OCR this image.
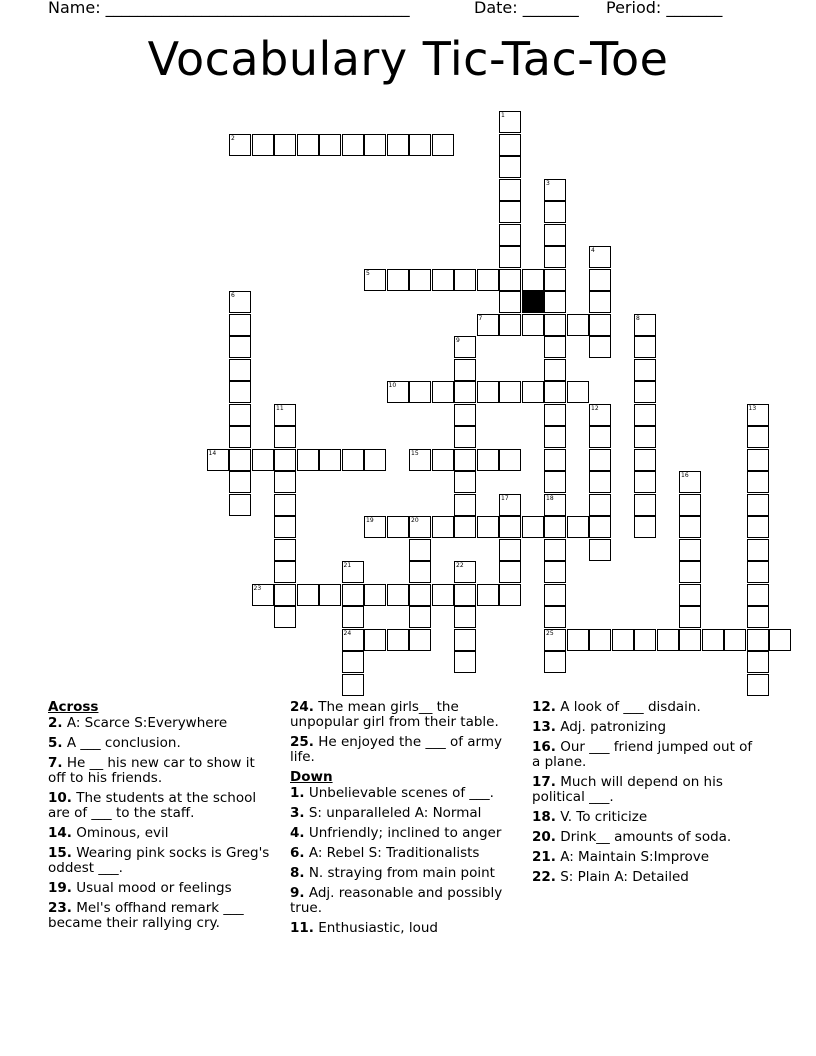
Name: ______________________________________	Date: _______ Period: _______
Vocabulary Tic-Tac-Toe
2
5
7
10
14	15
19
23
24	25
1
3
4
6
8
9
11	12	13
16
17	18
20
21	22
Across
2. A: Scarce S:Everywhere
5. A ___ conclusion.
7. He __ his new car to show it off to his friends.
10. The students at the school are of ___ to the staff.
14. Ominous, evil
15. Wearing pink socks is Greg's oddest ___.
19. Usual mood or feelings
23. Mel's offhand remark ___ became their rallying cry.
24. The mean girls__ the unpopular girl from their table.
25. He enjoyed the ___ of army life.
Down
1. Unbelievable scenes of ___.
3. S: unparalleled A: Normal
4. Unfriendly; inclined to anger
6. A: Rebel S: Traditionalists
8. N. straying from main point
9. Adj. reasonable and possibly true.
11. Enthusiastic, loud
12. A look of ___ disdain.
13. Adj. patronizing
16. Our ___ friend jumped out of a plane.
17. Much will depend on his political ___.
18. V. To criticize
20. Drink__ amounts of soda.
21. A: Maintain S:Improve
22. S: Plain A: Detailed
